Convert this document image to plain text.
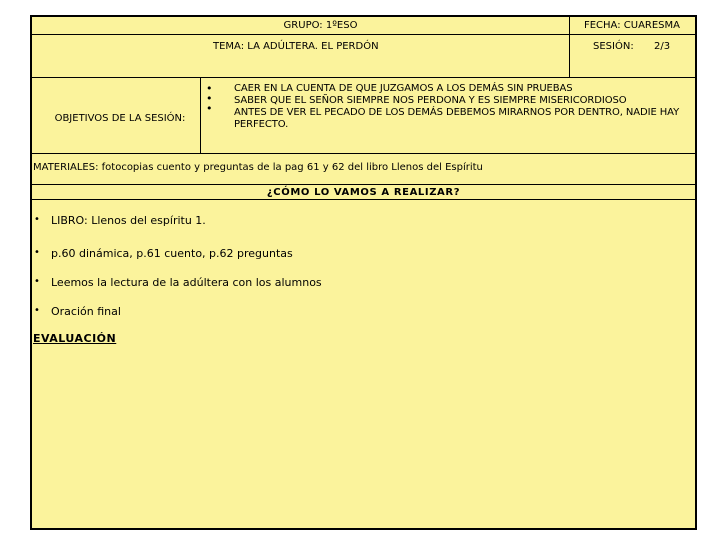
GRUPO: 1ºESO	FECHA: CUARESMA
TEMA: LA ADÚLTERA. EL PERDÓN	SESIÓN: 2/3
OBJETIVOS DE LA SESIÓN:
•
•
•
CAER EN LA CUENTA DE QUE JUZGAMOS A LOS DEMÁS SIN PRUEBAS
SABER QUE EL SEÑOR SIEMPRE NOS PERDONA Y ES SIEMPRE MISERICORDIOSO
ANTES DE VER EL PECADO DE LOS DEMÁS DEBEMOS MIRARNOS POR DENTRO, NADIE HAY PERFECTO.
MATERIALES: fotocopias cuento y preguntas de la pag 61 y 62 del libro Llenos del Espíritu
¿CÓMO LO VAMOS A REALIZAR?
• LIBRO: Llenos del espíritu 1.
• p.60 dinámica, p.61 cuento, p.62 preguntas
• Leemos la lectura de la adúltera con los alumnos
• Oración final
EVALUACIÓN
